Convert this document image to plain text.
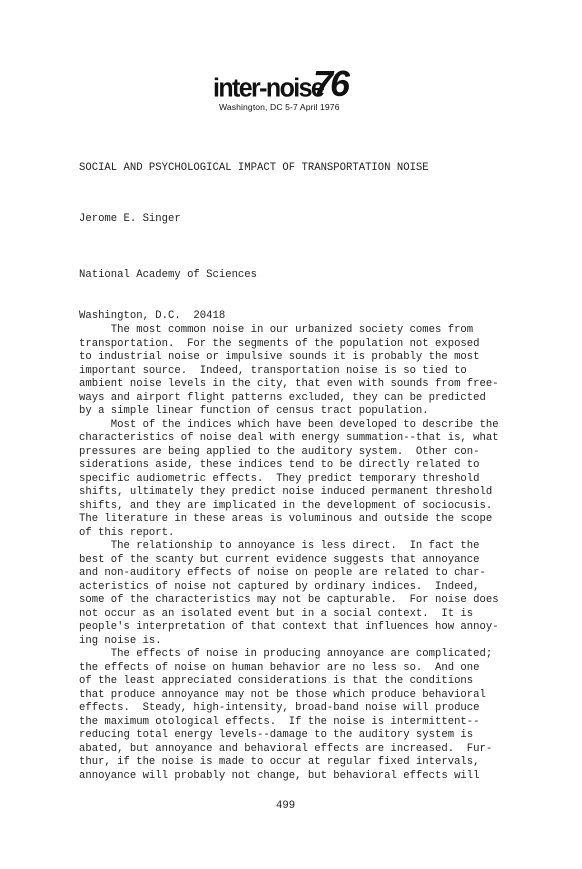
inter-noise
76
Washington, DC 5-7 April 1976
SOCIAL AND PSYCHOLOGICAL IMPACT OF TRANSPORTATION NOISE
Jerome E. Singer

National Academy of Sciences

Washington, D.C.  20418

The most common noise in our urbanized society comes from
transportation.  For the segments of the population not exposed
to industrial noise or impulsive sounds it is probably the most
important source.  Indeed, transportation noise is so tied to
ambient noise levels in the city, that even with sounds from free-
ways and airport flight patterns excluded, they can be predicted
by a simple linear function of census tract population.
Most of the indices which have been developed to describe the
characteristics of noise deal with energy summation--that is, what
pressures are being applied to the auditory system.  Other con-
siderations aside, these indices tend to be directly related to
specific audiometric effects.  They predict temporary threshold
shifts, ultimately they predict noise induced permanent threshold
shifts, and they are implicated in the development of sociocusis.
The literature in these areas is voluminous and outside the scope
of this report.
The relationship to annoyance is less direct.  In fact the
best of the scanty but current evidence suggests that annoyance
and non-auditory effects of noise on people are related to char-
acteristics of noise not captured by ordinary indices.  Indeed,
some of the characteristics may not be capturable.  For noise does
not occur as an isolated event but in a social context.  It is
people's interpretation of that context that influences how annoy-
ing noise is.
The effects of noise in producing annoyance are complicated;
the effects of noise on human behavior are no less so.  And one
of the least appreciated considerations is that the conditions
that produce annoyance may not be those which produce behavioral
effects.  Steady, high-intensity, broad-band noise will produce
the maximum otological effects.  If the noise is intermittent--
reducing total energy levels--damage to the auditory system is
abated, but annoyance and behavioral effects are increased.  Fur-
thur, if the noise is made to occur at regular fixed intervals,
annoyance will probably not change, but behavioral effects will
499
